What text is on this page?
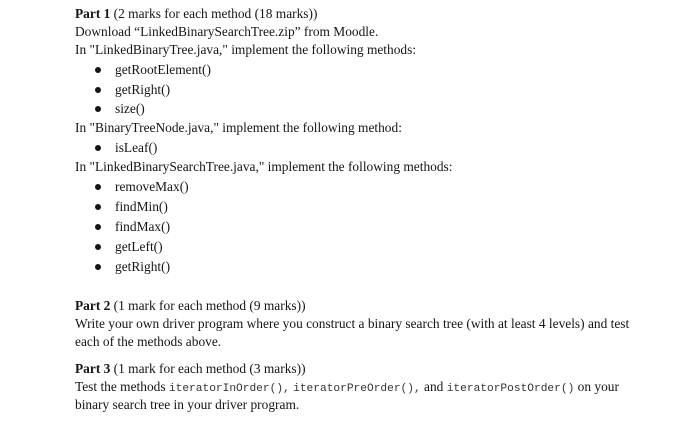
Part 1 (2 marks for each method (18 marks))
Download “LinkedBinarySearchTree.zip” from Moodle.
In "LinkedBinaryTree.java," implement the following methods:
getRootElement()
getRight()
size()
In "BinaryTreeNode.java," implement the following method:
isLeaf()
In "LinkedBinarySearchTree.java," implement the following methods:
removeMax()
findMin()
findMax()
getLeft()
getRight()
Part 2 (1 mark for each method (9 marks))
Write your own driver program where you construct a binary search tree (with at least 4 levels) and test each of the methods above.
Part 3 (1 mark for each method (3 marks))
Test the methods iteratorInOrder(), iteratorPreOrder(), and iteratorPostOrder() on your
binary search tree in your driver program.
